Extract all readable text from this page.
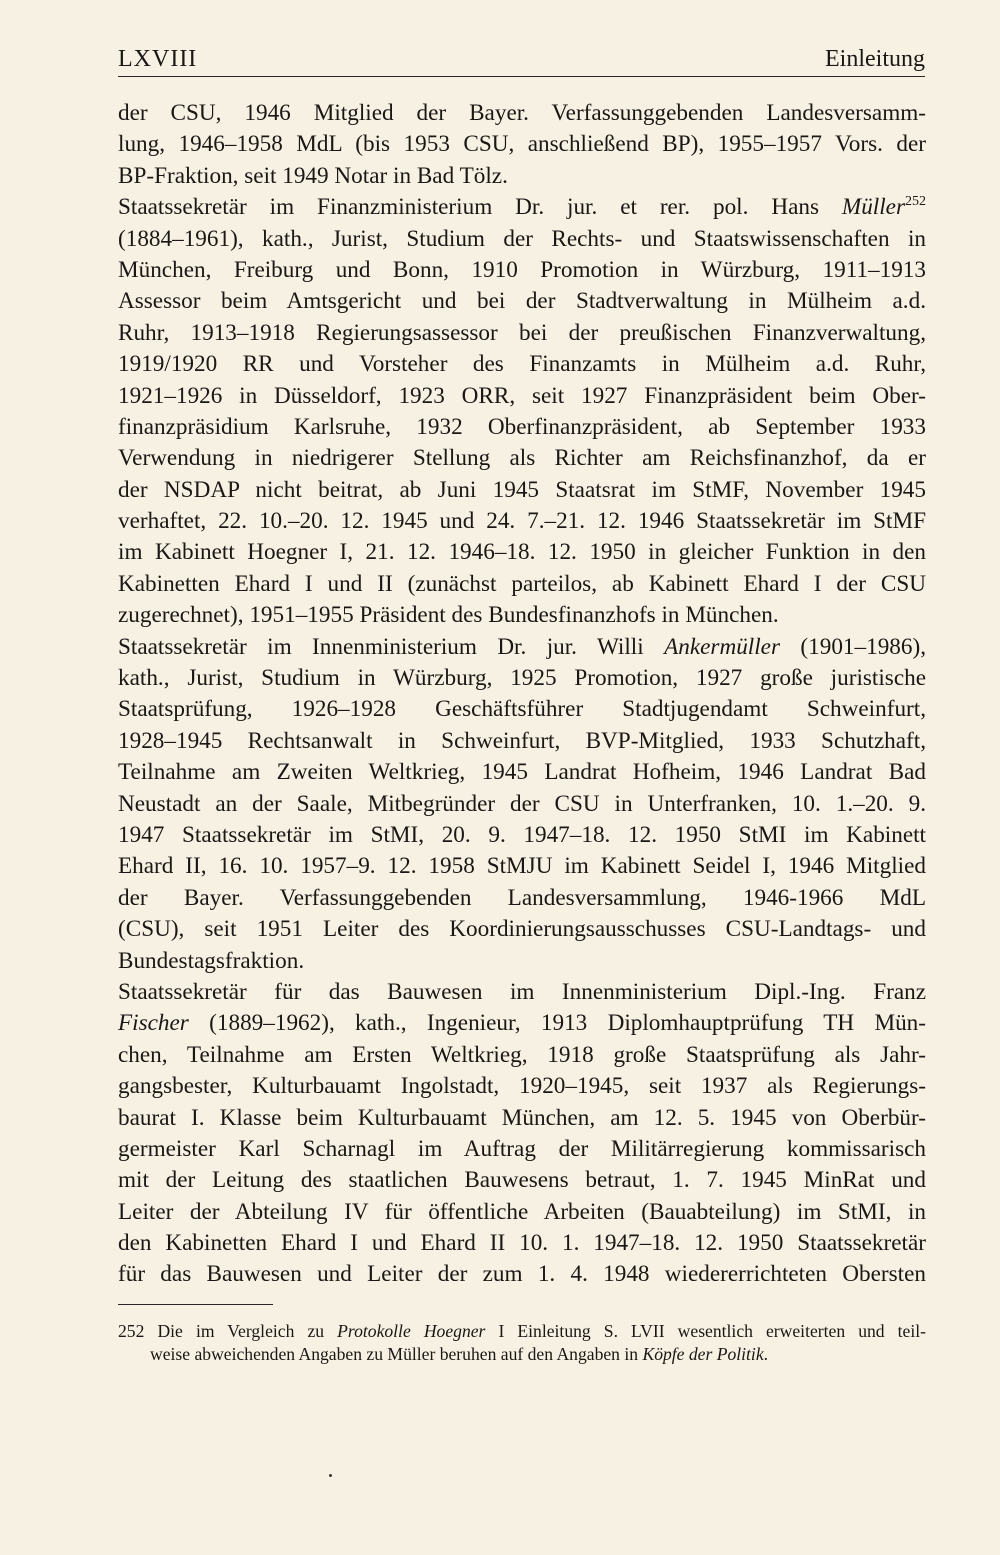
LXVIII	Einleitung
der CSU, 1946 Mitglied der Bayer. Verfassunggebenden Landesversamm-
lung, 1946–1958 MdL (bis 1953 CSU, anschließend BP), 1955–1957 Vors. der
BP-Fraktion, seit 1949 Notar in Bad Tölz.
Staatssekretär im Finanzministerium Dr. jur. et rer. pol. Hans Müller$^{252}$
(1884–1961), kath., Jurist, Studium der Rechts- und Staatswissenschaften in
München, Freiburg und Bonn, 1910 Promotion in Würzburg, 1911–1913
Assessor beim Amtsgericht und bei der Stadtverwaltung in Mülheim a.d.
Ruhr, 1913–1918 Regierungsassessor bei der preußischen Finanzverwaltung,
1919/1920 RR und Vorsteher des Finanzamts in Mülheim a.d. Ruhr,
1921–1926 in Düsseldorf, 1923 ORR, seit 1927 Finanzpräsident beim Ober-
finanzpräsidium Karlsruhe, 1932 Oberfinanzpräsident, ab September 1933
Verwendung in niedrigerer Stellung als Richter am Reichsfinanzhof, da er
der NSDAP nicht beitrat, ab Juni 1945 Staatsrat im StMF, November 1945
verhaftet, 22. 10.–20. 12. 1945 und 24. 7.–21. 12. 1946 Staatssekretär im StMF
im Kabinett Hoegner I, 21. 12. 1946–18. 12. 1950 in gleicher Funktion in den
Kabinetten Ehard I und II (zunächst parteilos, ab Kabinett Ehard I der CSU
zugerechnet), 1951–1955 Präsident des Bundesfinanzhofs in München.
Staatssekretär im Innenministerium Dr. jur. Willi Ankermüller (1901–1986),
kath., Jurist, Studium in Würzburg, 1925 Promotion, 1927 große juristische
Staatsprüfung, 1926–1928 Geschäftsführer Stadtjugendamt Schweinfurt,
1928–1945 Rechtsanwalt in Schweinfurt, BVP-Mitglied, 1933 Schutzhaft,
Teilnahme am Zweiten Weltkrieg, 1945 Landrat Hofheim, 1946 Landrat Bad
Neustadt an der Saale, Mitbegründer der CSU in Unterfranken, 10. 1.–20. 9.
1947 Staatssekretär im StMI, 20. 9. 1947–18. 12. 1950 StMI im Kabinett
Ehard II, 16. 10. 1957–9. 12. 1958 StMJU im Kabinett Seidel I, 1946 Mitglied
der Bayer. Verfassunggebenden Landesversammlung, 1946-1966 MdL
(CSU), seit 1951 Leiter des Koordinierungsausschusses CSU-Landtags- und
Bundestagsfraktion.
Staatssekretär für das Bauwesen im Innenministerium Dipl.-Ing. Franz
Fischer (1889–1962), kath., Ingenieur, 1913 Diplomhauptprüfung TH Mün-
chen, Teilnahme am Ersten Weltkrieg, 1918 große Staatsprüfung als Jahr-
gangsbester, Kulturbauamt Ingolstadt, 1920–1945, seit 1937 als Regierungs-
baurat I. Klasse beim Kulturbauamt München, am 12. 5. 1945 von Oberbür-
germeister Karl Scharnagl im Auftrag der Militärregierung kommissarisch
mit der Leitung des staatlichen Bauwesens betraut, 1. 7. 1945 MinRat und
Leiter der Abteilung IV für öffentliche Arbeiten (Bauabteilung) im StMI, in
den Kabinetten Ehard I und Ehard II 10. 1. 1947–18. 12. 1950 Staatssekretär
für das Bauwesen und Leiter der zum 1. 4. 1948 wiedererrichteten Obersten
252 Die im Vergleich zu Protokolle Hoegner I Einleitung S. LVII wesentlich erweiterten und teil-
weise abweichenden Angaben zu Müller beruhen auf den Angaben in Köpfe der Politik.
